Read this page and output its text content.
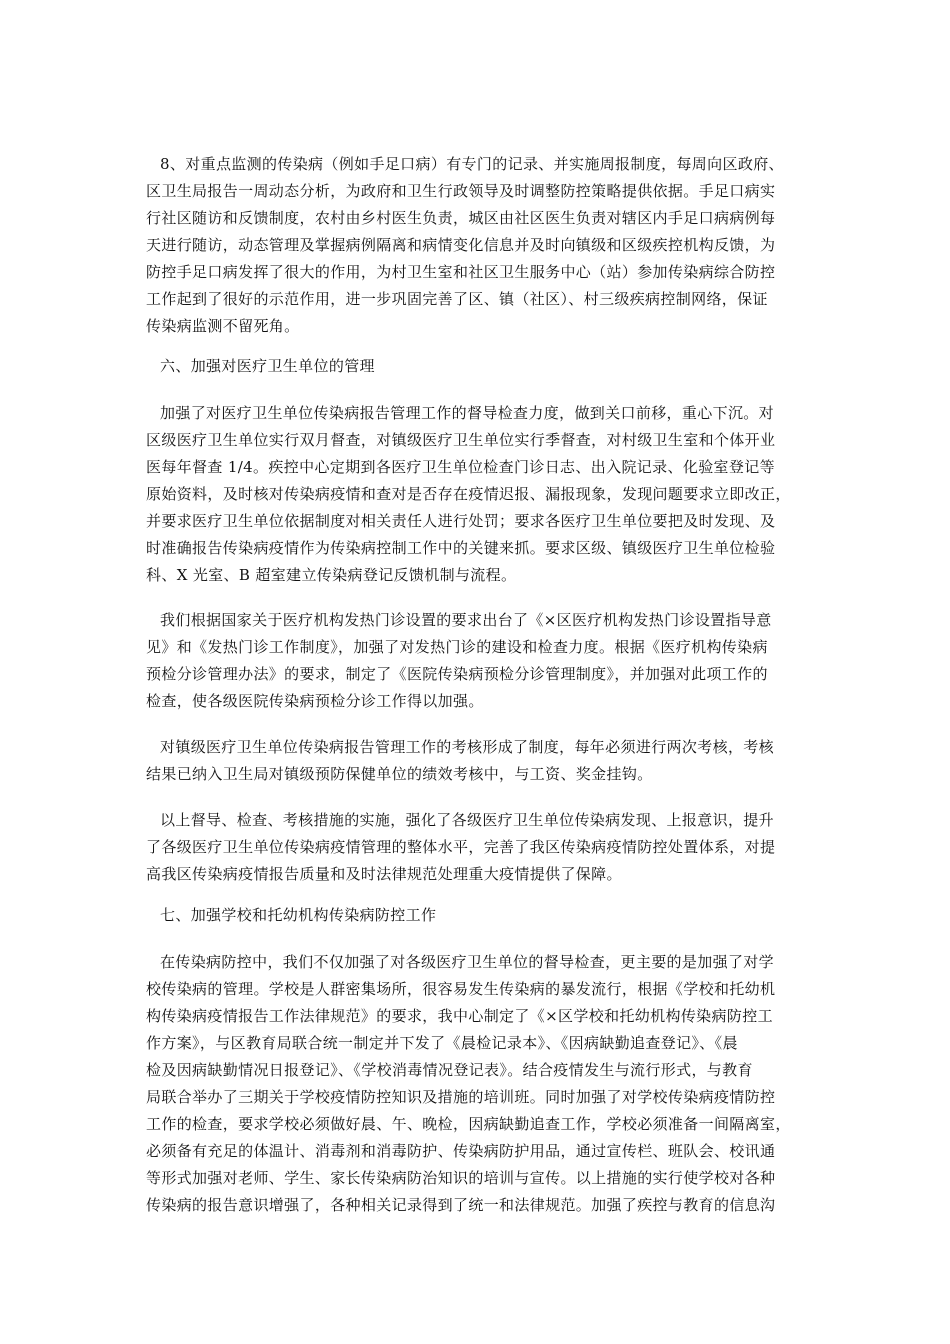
8、对重点监测的传染病（例如手足口病）有专门的记录、并实施周报制度，每周向区政府、
区卫生局报告一周动态分析，为政府和卫生行政领导及时调整防控策略提供依据。手足口病实
行社区随访和反馈制度，农村由乡村医生负责，城区由社区医生负责对辖区内手足口病病例每
天进行随访，动态管理及掌握病例隔离和病情变化信息并及时向镇级和区级疾控机构反馈，为
防控手足口病发挥了很大的作用，为村卫生室和社区卫生服务中心（站）参加传染病综合防控
工作起到了很好的示范作用，进一步巩固完善了区、镇（社区）、村三级疾病控制网络，保证
传染病监测不留死角。
六、加强对医疗卫生单位的管理
加强了对医疗卫生单位传染病报告管理工作的督导检查力度，做到关口前移，重心下沉。对
区级医疗卫生单位实行双月督查，对镇级医疗卫生单位实行季督查，对村级卫生室和个体开业
医每年督查 1/4。疾控中心定期到各医疗卫生单位检查门诊日志、出入院记录、化验室登记等
原始资料，及时核对传染病疫情和查对是否存在疫情迟报、漏报现象，发现问题要求立即改正，
并要求医疗卫生单位依据制度对相关责任人进行处罚；要求各医疗卫生单位要把及时发现、及
时准确报告传染病疫情作为传染病控制工作中的关键来抓。要求区级、镇级医疗卫生单位检验
科、X 光室、B 超室建立传染病登记反馈机制与流程。
我们根据国家关于医疗机构发热门诊设置的要求出台了《×区医疗机构发热门诊设置指导意
见》和《发热门诊工作制度》，加强了对发热门诊的建设和检查力度。根据《医疗机构传染病
预检分诊管理办法》的要求，制定了《医院传染病预检分诊管理制度》，并加强对此项工作的
检查，使各级医院传染病预检分诊工作得以加强。
对镇级医疗卫生单位传染病报告管理工作的考核形成了制度，每年必须进行两次考核，考核
结果已纳入卫生局对镇级预防保健单位的绩效考核中，与工资、奖金挂钩。
以上督导、检查、考核措施的实施，强化了各级医疗卫生单位传染病发现、上报意识，提升
了各级医疗卫生单位传染病疫情管理的整体水平，完善了我区传染病疫情防控处置体系，对提
高我区传染病疫情报告质量和及时法律规范处理重大疫情提供了保障。
七、加强学校和托幼机构传染病防控工作
在传染病防控中，我们不仅加强了对各级医疗卫生单位的督导检查，更主要的是加强了对学
校传染病的管理。学校是人群密集场所，很容易发生传染病的暴发流行，根据《学校和托幼机
构传染病疫情报告工作法律规范》的要求，我中心制定了《×区学校和托幼机构传染病防控工
作方案》，与区教育局联合统一制定并下发了《晨检记录本》、《因病缺勤追查登记》、《晨
检及因病缺勤情况日报登记》、《学校消毒情况登记表》。结合疫情发生与流行形式，与教育
局联合举办了三期关于学校疫情防控知识及措施的培训班。同时加强了对学校传染病疫情防控
工作的检查，要求学校必须做好晨、午、晚检，因病缺勤追查工作，学校必须准备一间隔离室，
必须备有充足的体温计、消毒剂和消毒防护、传染病防护用品，通过宣传栏、班队会、校讯通
等形式加强对老师、学生、家长传染病防治知识的培训与宣传。以上措施的实行使学校对各种
传染病的报告意识增强了，各种相关记录得到了统一和法律规范。加强了疾控与教育的信息沟
